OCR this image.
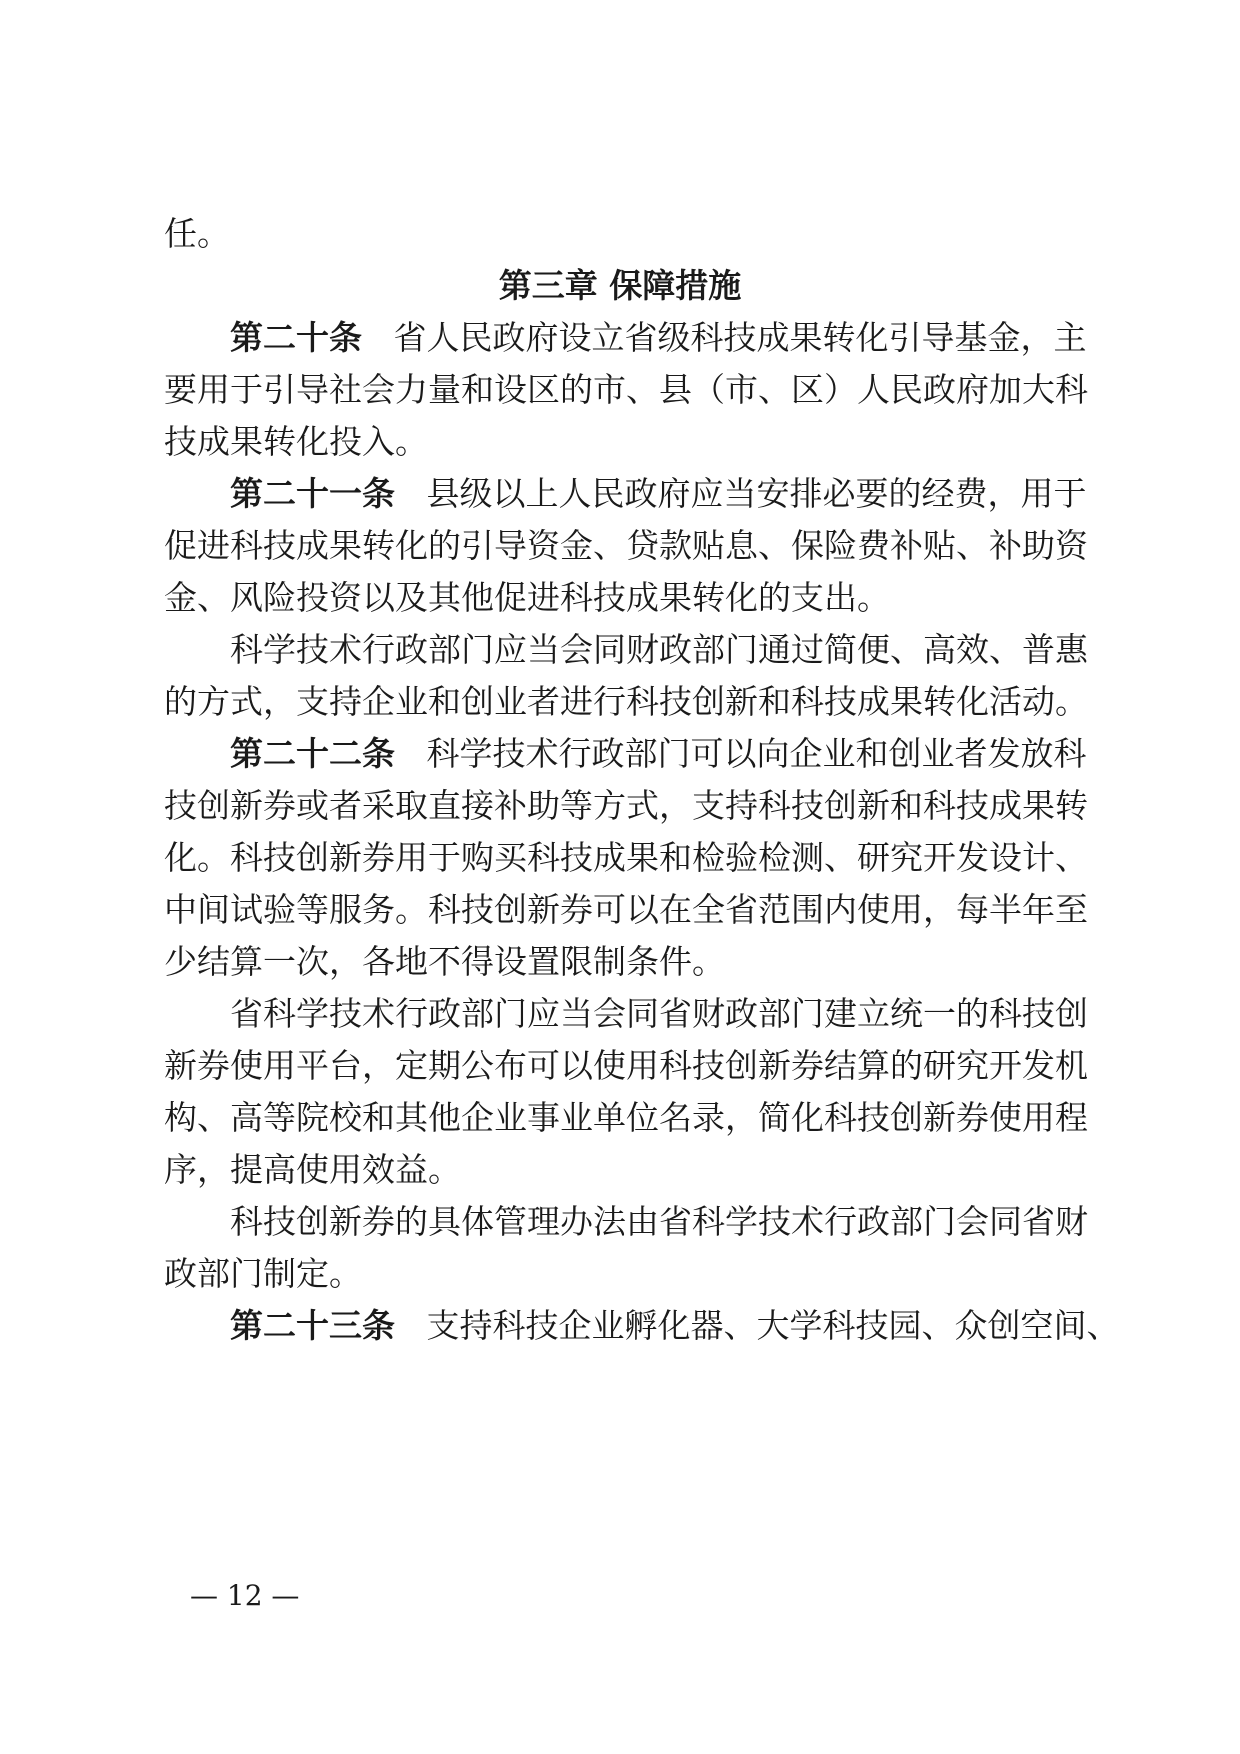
任。
第三章 保障措施
第二十条 省人民政府设立省级科技成果转化引导基金，主
要用于引导社会力量和设区的市、县（市、区）人民政府加大科
技成果转化投入。
第二十一条 县级以上人民政府应当安排必要的经费，用于
促进科技成果转化的引导资金、贷款贴息、保险费补贴、补助资
金、风险投资以及其他促进科技成果转化的支出。
科学技术行政部门应当会同财政部门通过简便、高效、普惠
的方式，支持企业和创业者进行科技创新和科技成果转化活动。
第二十二条 科学技术行政部门可以向企业和创业者发放科
技创新券或者采取直接补助等方式，支持科技创新和科技成果转
化。科技创新券用于购买科技成果和检验检测、研究开发设计、
中间试验等服务。科技创新券可以在全省范围内使用，每半年至
少结算一次，各地不得设置限制条件。
省科学技术行政部门应当会同省财政部门建立统一的科技创
新券使用平台，定期公布可以使用科技创新券结算的研究开发机
构、高等院校和其他企业事业单位名录，简化科技创新券使用程
序，提高使用效益。
科技创新券的具体管理办法由省科学技术行政部门会同省财
政部门制定。
第二十三条 支持科技企业孵化器、大学科技园、众创空间、
— 12 —
